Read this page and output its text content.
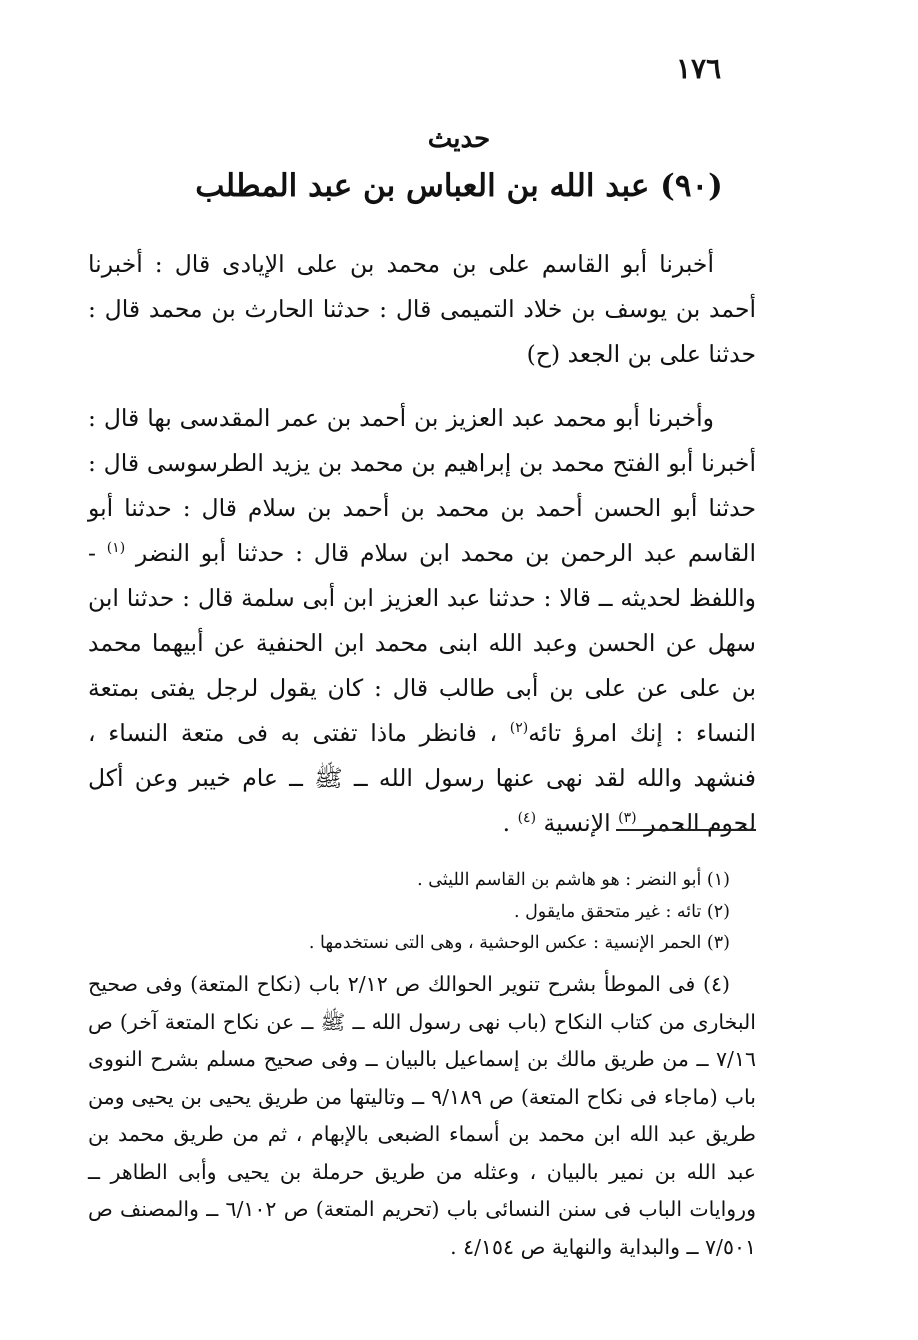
١٧٦
حديث
(٩٠) عبد الله بن العباس بن عبد المطلب

أخبرنا أبو القاسم على بن محمد بن على الإيادى قال : أخبرنا أحمد بن يوسف بن خلاد التميمى قال : حدثنا الحارث بن محمد قال : حدثنا على بن الجعد (ح)

وأخبرنا أبو محمد عبد العزيز بن أحمد بن عمر المقدسى بها قال : أخبرنا أبو الفتح محمد بن إبراهيم بن محمد بن يزيد الطرسوسى قال : حدثنا أبو الحسن أحمد بن محمد بن أحمد بن سلام قال : حدثنا أبو القاسم عبد الرحمن بن محمد ابن سلام قال : حدثنا أبو النضر $^{(١)}$ - واللفظ لحديثه ــ قالا : حدثنا عبد العزيز ابن أبى سلمة قال : حدثنا ابن سهل عن الحسن وعبد الله ابنى محمد ابن الحنفية عن أبيهما محمد بن على عن على بن أبى طالب قال : كان يقول لرجل يفتى بمتعة النساء : إنك امرؤ تائه$^{(٢)}$ ، فانظر ماذا تفتى به فى متعة النساء ، فنشهد والله لقد نهى عنها رسول الله ــ ﷺ ــ عام خيبر وعن أكل لحوم الحمر $^{(٣)}$ الإنسية $^{(٤)}$ .

(١) أبو النضر : هو هاشم بن القاسم الليثى .
(٢) تائه : غير متحقق مايقول .
(٣) الحمر الإنسية : عكس الوحشية ، وهى التى نستخدمها .

(٤) فى الموطأ بشرح تنوير الحوالك ص ٢/١٢ باب (نكاح المتعة) وفى صحيح البخارى من كتاب النكاح (باب نهى رسول الله ــ ﷺ ــ عن نكاح المتعة آخر) ص ٧/١٦ ــ من طريق مالك بن إسماعيل بالبيان ــ وفى صحيح مسلم بشرح النووى باب (ماجاء فى نكاح المتعة) ص ٩/١٨٩ ــ وتاليتها من طريق يحيى بن يحيى ومن طريق عبد الله ابن محمد بن أسماء الضبعى بالإبهام ، ثم من طريق محمد بن عبد الله بن نمير بالبيان ، وعثله من طريق حرملة بن يحيى وأبى الطاهر ــ وروايات الباب فى سنن النسائى باب (تحريم المتعة) ص ٦/١٠٢ ــ والمصنف ص ٧/٥٠١ ــ والبداية والنهاية ص ٤/١٥٤ .
